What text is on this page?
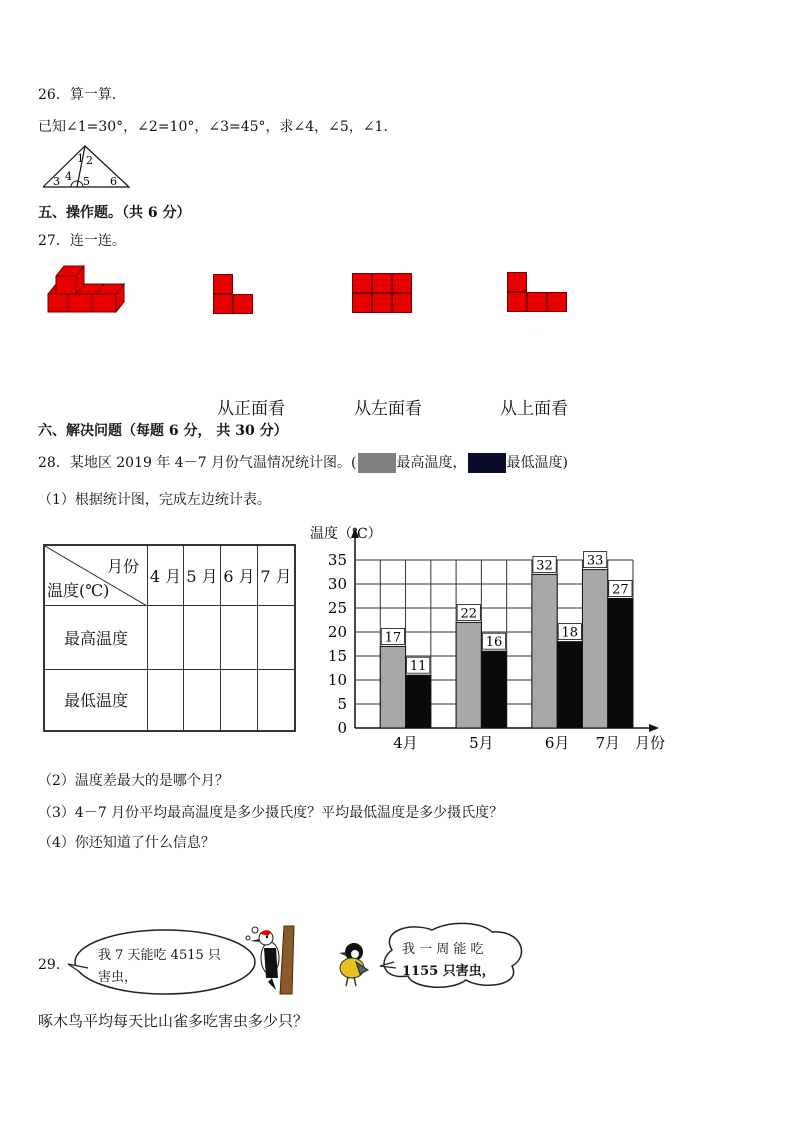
26．算一算．
已知∠1=30°，∠2=10°，∠3=45°，求∠4，∠5，∠1．
1 2
3 4 5 6
五、操作题。（共 6 分）
27．连一连。
从正面看	从左面看	从上面看
六、解决问题（每题 6 分， 共 30 分）
28．某地区 2019 年 4－7 月份气温情况统计图。(	最高温度，	最低温度)
（1）根据统计图，完成左边统计表。
月份
温度(℃)	4 月	5 月	6 月	7 月
最高温度				
最低温度				
0
5
10
15
20
25
30
35
温度（℃）
17
11
4月
22
16
5月
32
18
6月
33
27
7月 月份
（2）温度差最大的是哪个月？
（3）4－7 月份平均最高温度是多少摄氏度？平均最低温度是多少摄氏度？
（4）你还知道了什么信息？
29．
我 7 天能吃 4515 只
害虫，
我 一 周 能 吃
1155 只害虫，
啄木鸟平均每天比山雀多吃害虫多少只？
